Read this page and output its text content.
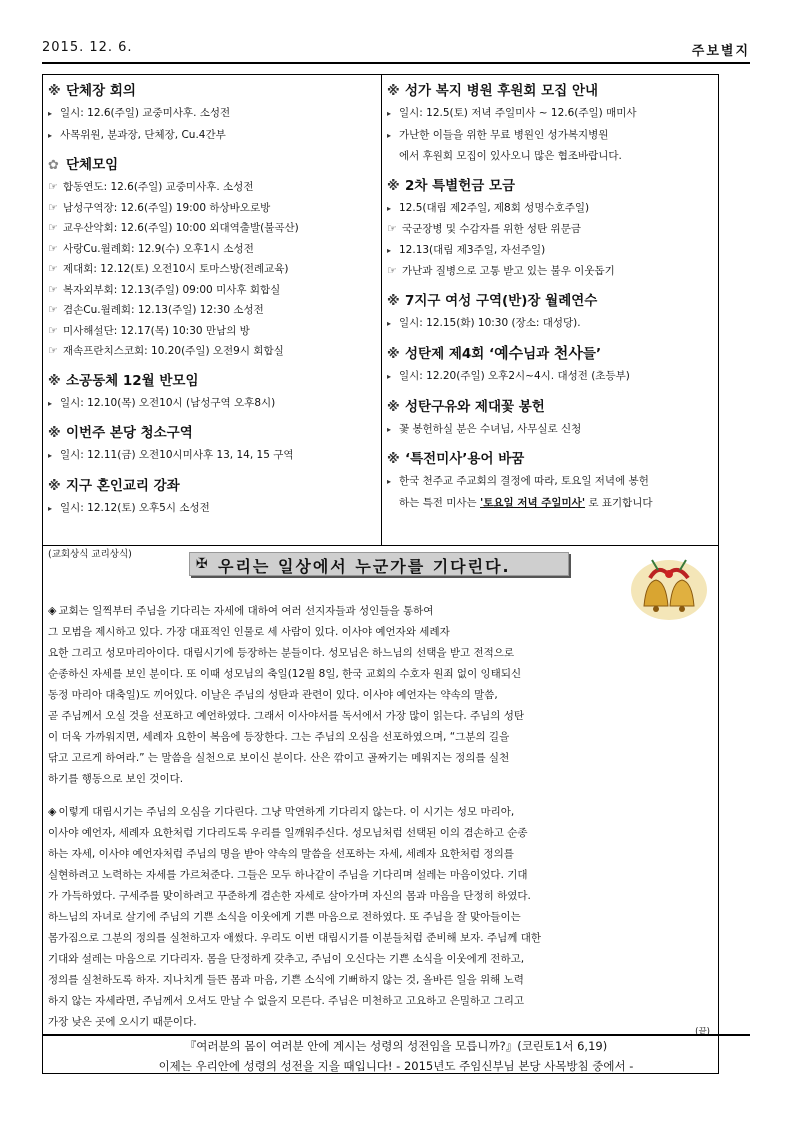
2015. 12. 6.	주보별지
※ 단체장 회의
▸ 일시: 12.6(주일) 교중미사후. 소성전
▸ 사목위원, 분과장, 단체장, Cu.4간부
✿ 단체모임
☞ 합동연도: 12.6(주일) 교중미사후. 소성전
☞ 남성구역장: 12.6(주일) 19:00 하상바오로방
☞ 교우산악회: 12.6(주일) 10:00 외대역출발(불곡산)
☞ 사랑Cu.월례회: 12.9(수) 오후1시 소성전
☞ 제대회: 12.12(토) 오전10시 토마스방(전례교육)
☞ 복자외부회: 12.13(주일) 09:00 미사후 회합실
☞ 겸손Cu.월례회: 12.13(주일) 12:30 소성전
☞ 미사해설단: 12.17(목) 10:30 만남의 방
☞ 재속프란치스코회: 10.20(주일) 오전9시 회합실
※ 소공동체 12월 반모임
▸ 일시: 12.10(목) 오전10시 (남성구역 오후8시)
※ 이번주 본당 청소구역
▸ 일시: 12.11(금) 오전10시미사후 13, 14, 15 구역
※ 지구 혼인교리 강좌
▸ 일시: 12.12(토) 오후5시 소성전
※ 성가 복지 병원 후원회 모집 안내
▸ 일시: 12.5(토) 저녁 주일미사 ~ 12.6(주일) 매미사
▸ 가난한 이들을 위한 무료 병원인 성가복지병원
에서 후원회 모집이 있사오니 많은 협조바랍니다.
※ 2차 특별헌금 모금
▸ 12.5(대림 제2주일, 제8회 성명수호주일)
☞ 국군장병 및 수감자를 위한 성탄 위문금
▸ 12.13(대림 제3주일, 자선주일)
☞ 가난과 질병으로 고통 받고 있는 불우 이웃돕기
※ 7지구 여성 구역(반)장 월례연수
▸ 일시: 12.15(화) 10:30 (장소: 대성당).
※ 성탄제 제4회 ‘예수님과 천사들’
▸ 일시: 12.20(주일) 오후2시~4시. 대성전 (초등부)
※ 성탄구유와 제대꽃 봉헌
▸ 꽃 봉헌하실 분은 수녀님, 사무실로 신청
※ ‘특전미사’용어 바꿈
▸ 한국 천주교 주교회의 결정에 따라, 토요일 저녁에 봉헌
하는 특전 미사는 '토요일 저녁 주일미사' 로 표기합니다
(교회상식 교리상식)
✠ 우리는 일상에서 누군가를 기다린다.
◈ 교회는 일찍부터 주님을 기다리는 자세에 대하여 여러 선지자들과 성인들을 통하여
그 모범을 제시하고 있다. 가장 대표적인 인물로 세 사람이 있다. 이사야 예언자와 세례자
요한 그리고 성모마리아이다. 대림시기에 등장하는 분들이다. 성모님은 하느님의 선택을 받고 전적으로
순종하신 자세를 보인 분이다. 또 이때 성모님의 축일(12월 8일, 한국 교회의 수호자 원죄 없이 잉태되신
동정 마리아 대축일)도 끼어있다. 이날은 주님의 성탄과 관련이 있다. 이사야 예언자는 약속의 말씀,
곧 주님께서 오실 것을 선포하고 예언하였다. 그래서 이사야서를 독서에서 가장 많이 읽는다. 주님의 성탄
이 더욱 가까워지면, 세례자 요한이 복음에 등장한다. 그는 주님의 오심을 선포하였으며, “그분의 길을
닦고 고르게 하여라.” 는 말씀을 실천으로 보이신 분이다. 산은 깎이고 골짜기는 메워지는 정의를 실천
하기를 행동으로 보인 것이다.
◈ 이렇게 대림시기는 주님의 오심을 기다린다. 그냥 막연하게 기다리지 않는다. 이 시기는 성모 마리아,
이사야 예언자, 세례자 요한처럼 기다리도록 우리를 일깨워주신다. 성모님처럼 선택된 이의 겸손하고 순종
하는 자세, 이사야 예언자처럼 주님의 명을 받아 약속의 말씀을 선포하는 자세, 세례자 요한처럼 정의를
실현하려고 노력하는 자세를 가르쳐준다. 그들은 모두 하나같이 주님을 기다리며 설레는 마음이었다. 기대
가 가득하였다. 구세주를 맞이하려고 꾸준하게 겸손한 자세로 살아가며 자신의 몸과 마음을 단정히 하였다.
하느님의 자녀로 살기에 주님의 기쁜 소식을 이웃에게 기쁜 마음으로 전하였다. 또 주님을 잘 맞아들이는
몸가짐으로 그분의 정의를 실천하고자 애썼다. 우리도 이번 대림시기를 이분들처럼 준비해 보자. 주님께 대한
기대와 설레는 마음으로 기다리자. 몸을 단정하게 갖추고, 주님이 오신다는 기쁜 소식을 이웃에게 전하고,
정의를 실천하도록 하자. 지나치게 들뜬 몸과 마음, 기쁜 소식에 기뻐하지 않는 것, 올바른 일을 위해 노력
하지 않는 자세라면, 주님께서 오셔도 만날 수 없을지 모른다. 주님은 미천하고 고요하고 은밀하고 그리고
가장 낮은 곳에 오시기 때문이다.
(끝)
『여러분의 몸이 여러분 안에 계시는 성령의 성전임을 모릅니까?』(코린토1서 6,19)
이제는 우리안에 성령의 성전을 지을 때입니다! - 2015년도 주임신부님 본당 사목방침 중에서 -
